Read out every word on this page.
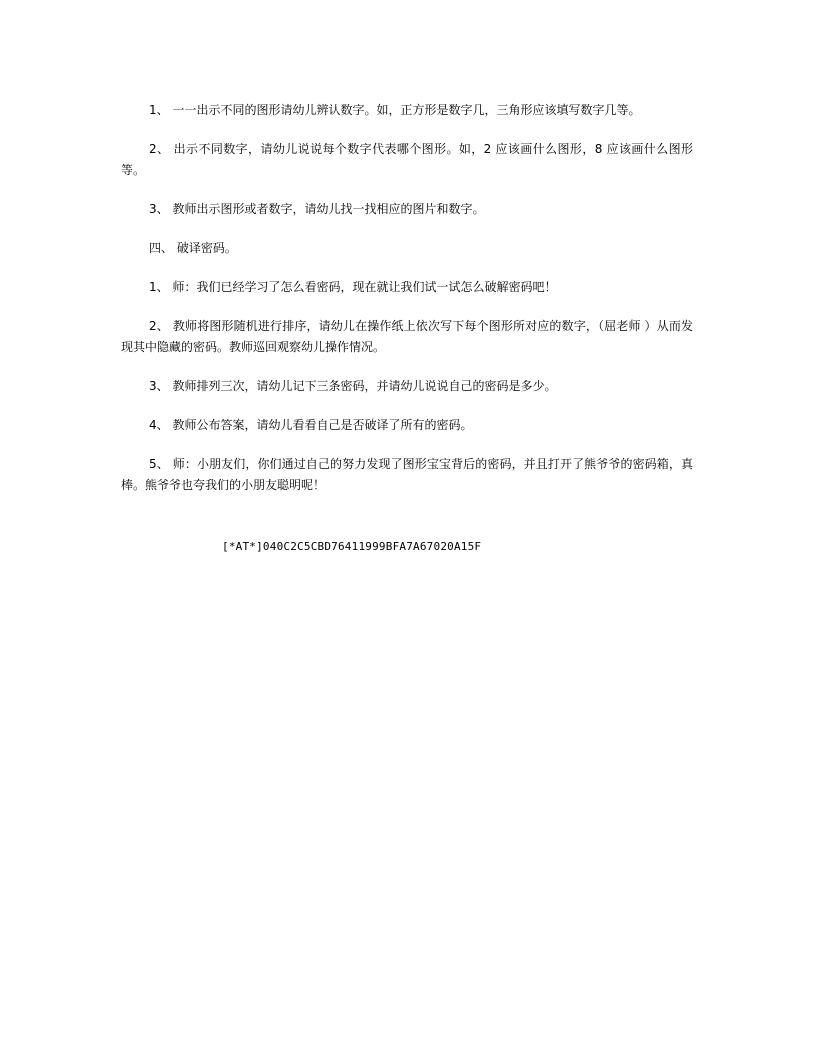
1、 一一出示不同的图形请幼儿辨认数字。如，正方形是数字几，三角形应该填写数字几等。

2、 出示不同数字，请幼儿说说每个数字代表哪个图形。如，2 应该画什么图形，8 应该画什么图形等。

3、 教师出示图形或者数字，请幼儿找一找相应的图片和数字。

四、 破译密码。

1、 师：我们已经学习了怎么看密码，现在就让我们试一试怎么破解密码吧！

2、 教师将图形随机进行排序，请幼儿在操作纸上依次写下每个图形所对应的数字，（屈老师 ）从而发现其中隐藏的密码。教师巡回观察幼儿操作情况。

3、 教师排列三次，请幼儿记下三条密码，并请幼儿说说自己的密码是多少。

4、 教师公布答案，请幼儿看看自己是否破译了所有的密码。

5、 师：小朋友们，你们通过自己的努力发现了图形宝宝背后的密码，并且打开了熊爷爷的密码箱，真棒。熊爷爷也夸我们的小朋友聪明呢！

[*AT*]040C2C5CBD76411999BFA7A67020A15F
